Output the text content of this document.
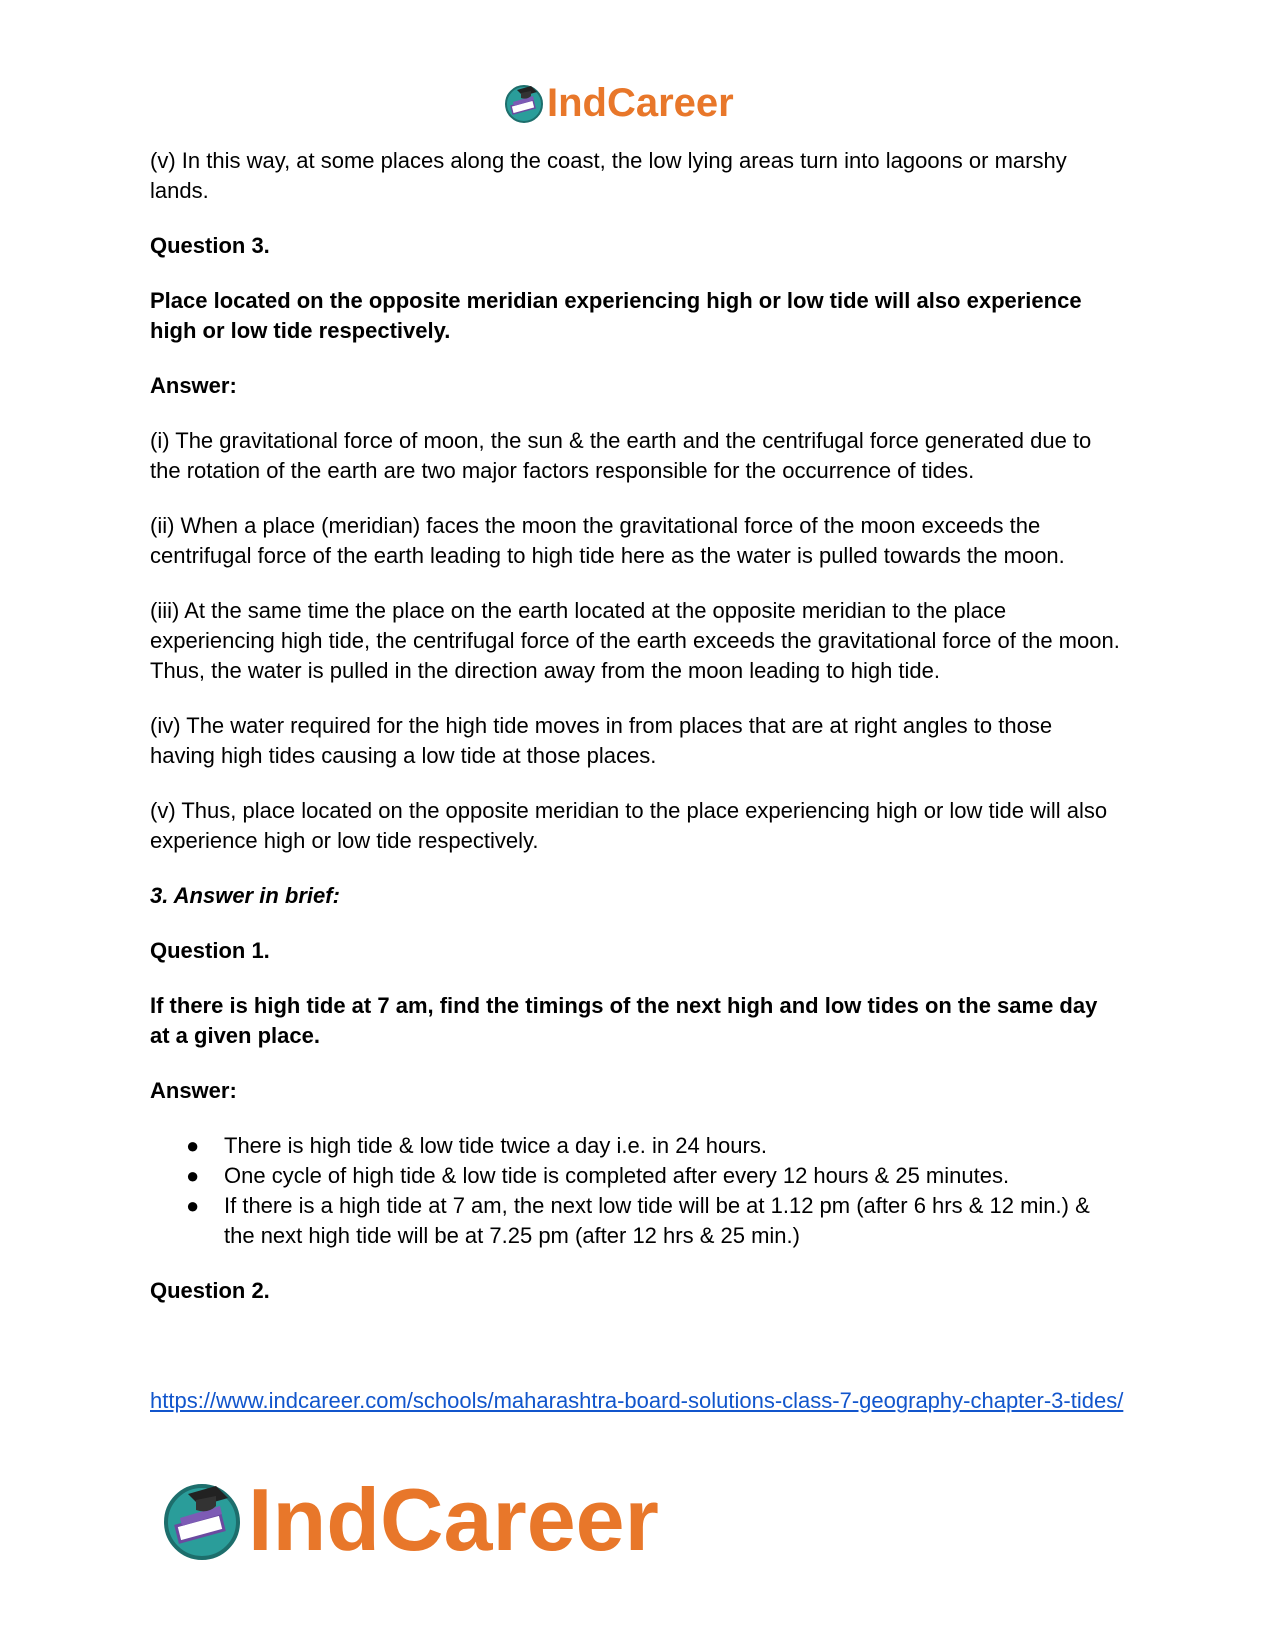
IndCareer

(v) In this way, at some places along the coast, the low lying areas turn into lagoons or marshy lands.

Question 3.

Place located on the opposite meridian experiencing high or low tide will also experience high or low tide respectively.

Answer:

(i) The gravitational force of moon, the sun & the earth and the centrifugal force generated due to the rotation of the earth are two major factors responsible for the occurrence of tides.

(ii) When a place (meridian) faces the moon the gravitational force of the moon exceeds the centrifugal force of the earth leading to high tide here as the water is pulled towards the moon.

(iii) At the same time the place on the earth located at the opposite meridian to the place experiencing high tide, the centrifugal force of the earth exceeds the gravitational force of the moon. Thus, the water is pulled in the direction away from the moon leading to high tide.

(iv) The water required for the high tide moves in from places that are at right angles to those having high tides causing a low tide at those places.

(v) Thus, place located on the opposite meridian to the place experiencing high or low tide will also experience high or low tide respectively.

3. Answer in brief:

Question 1.

If there is high tide at 7 am, find the timings of the next high and low tides on the same day at a given place.

Answer:

● There is high tide & low tide twice a day i.e. in 24 hours.
● One cycle of high tide & low tide is completed after every 12 hours & 25 minutes.
● If there is a high tide at 7 am, the next low tide will be at 1.12 pm (after 6 hrs & 12 min.) & the next high tide will be at 7.25 pm (after 12 hrs & 25 min.)

Question 2.

https://www.indcareer.com/schools/maharashtra-board-solutions-class-7-geography-chapter-3-tides/
IndCareer
